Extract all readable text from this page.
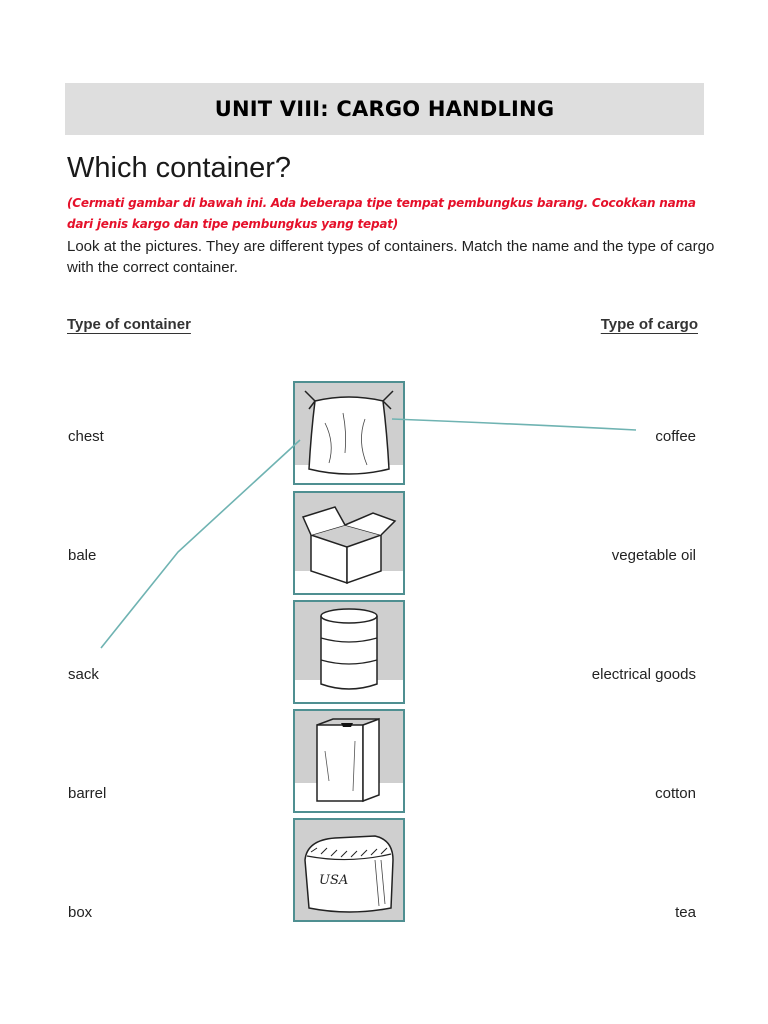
UNIT VIII: CARGO HANDLING
Which container?
(Cermati gambar di bawah ini. Ada beberapa tipe tempat pembungkus barang. Cocokkan nama dari jenis kargo dan tipe pembungkus yang tepat)
Look at the pictures. They are different types of containers. Match the name and the type of cargo with the correct container.
Type of container	Type of cargo
chest
bale
sack
barrel
box
coffee
vegetable oil
electrical goods
cotton
tea
USA
